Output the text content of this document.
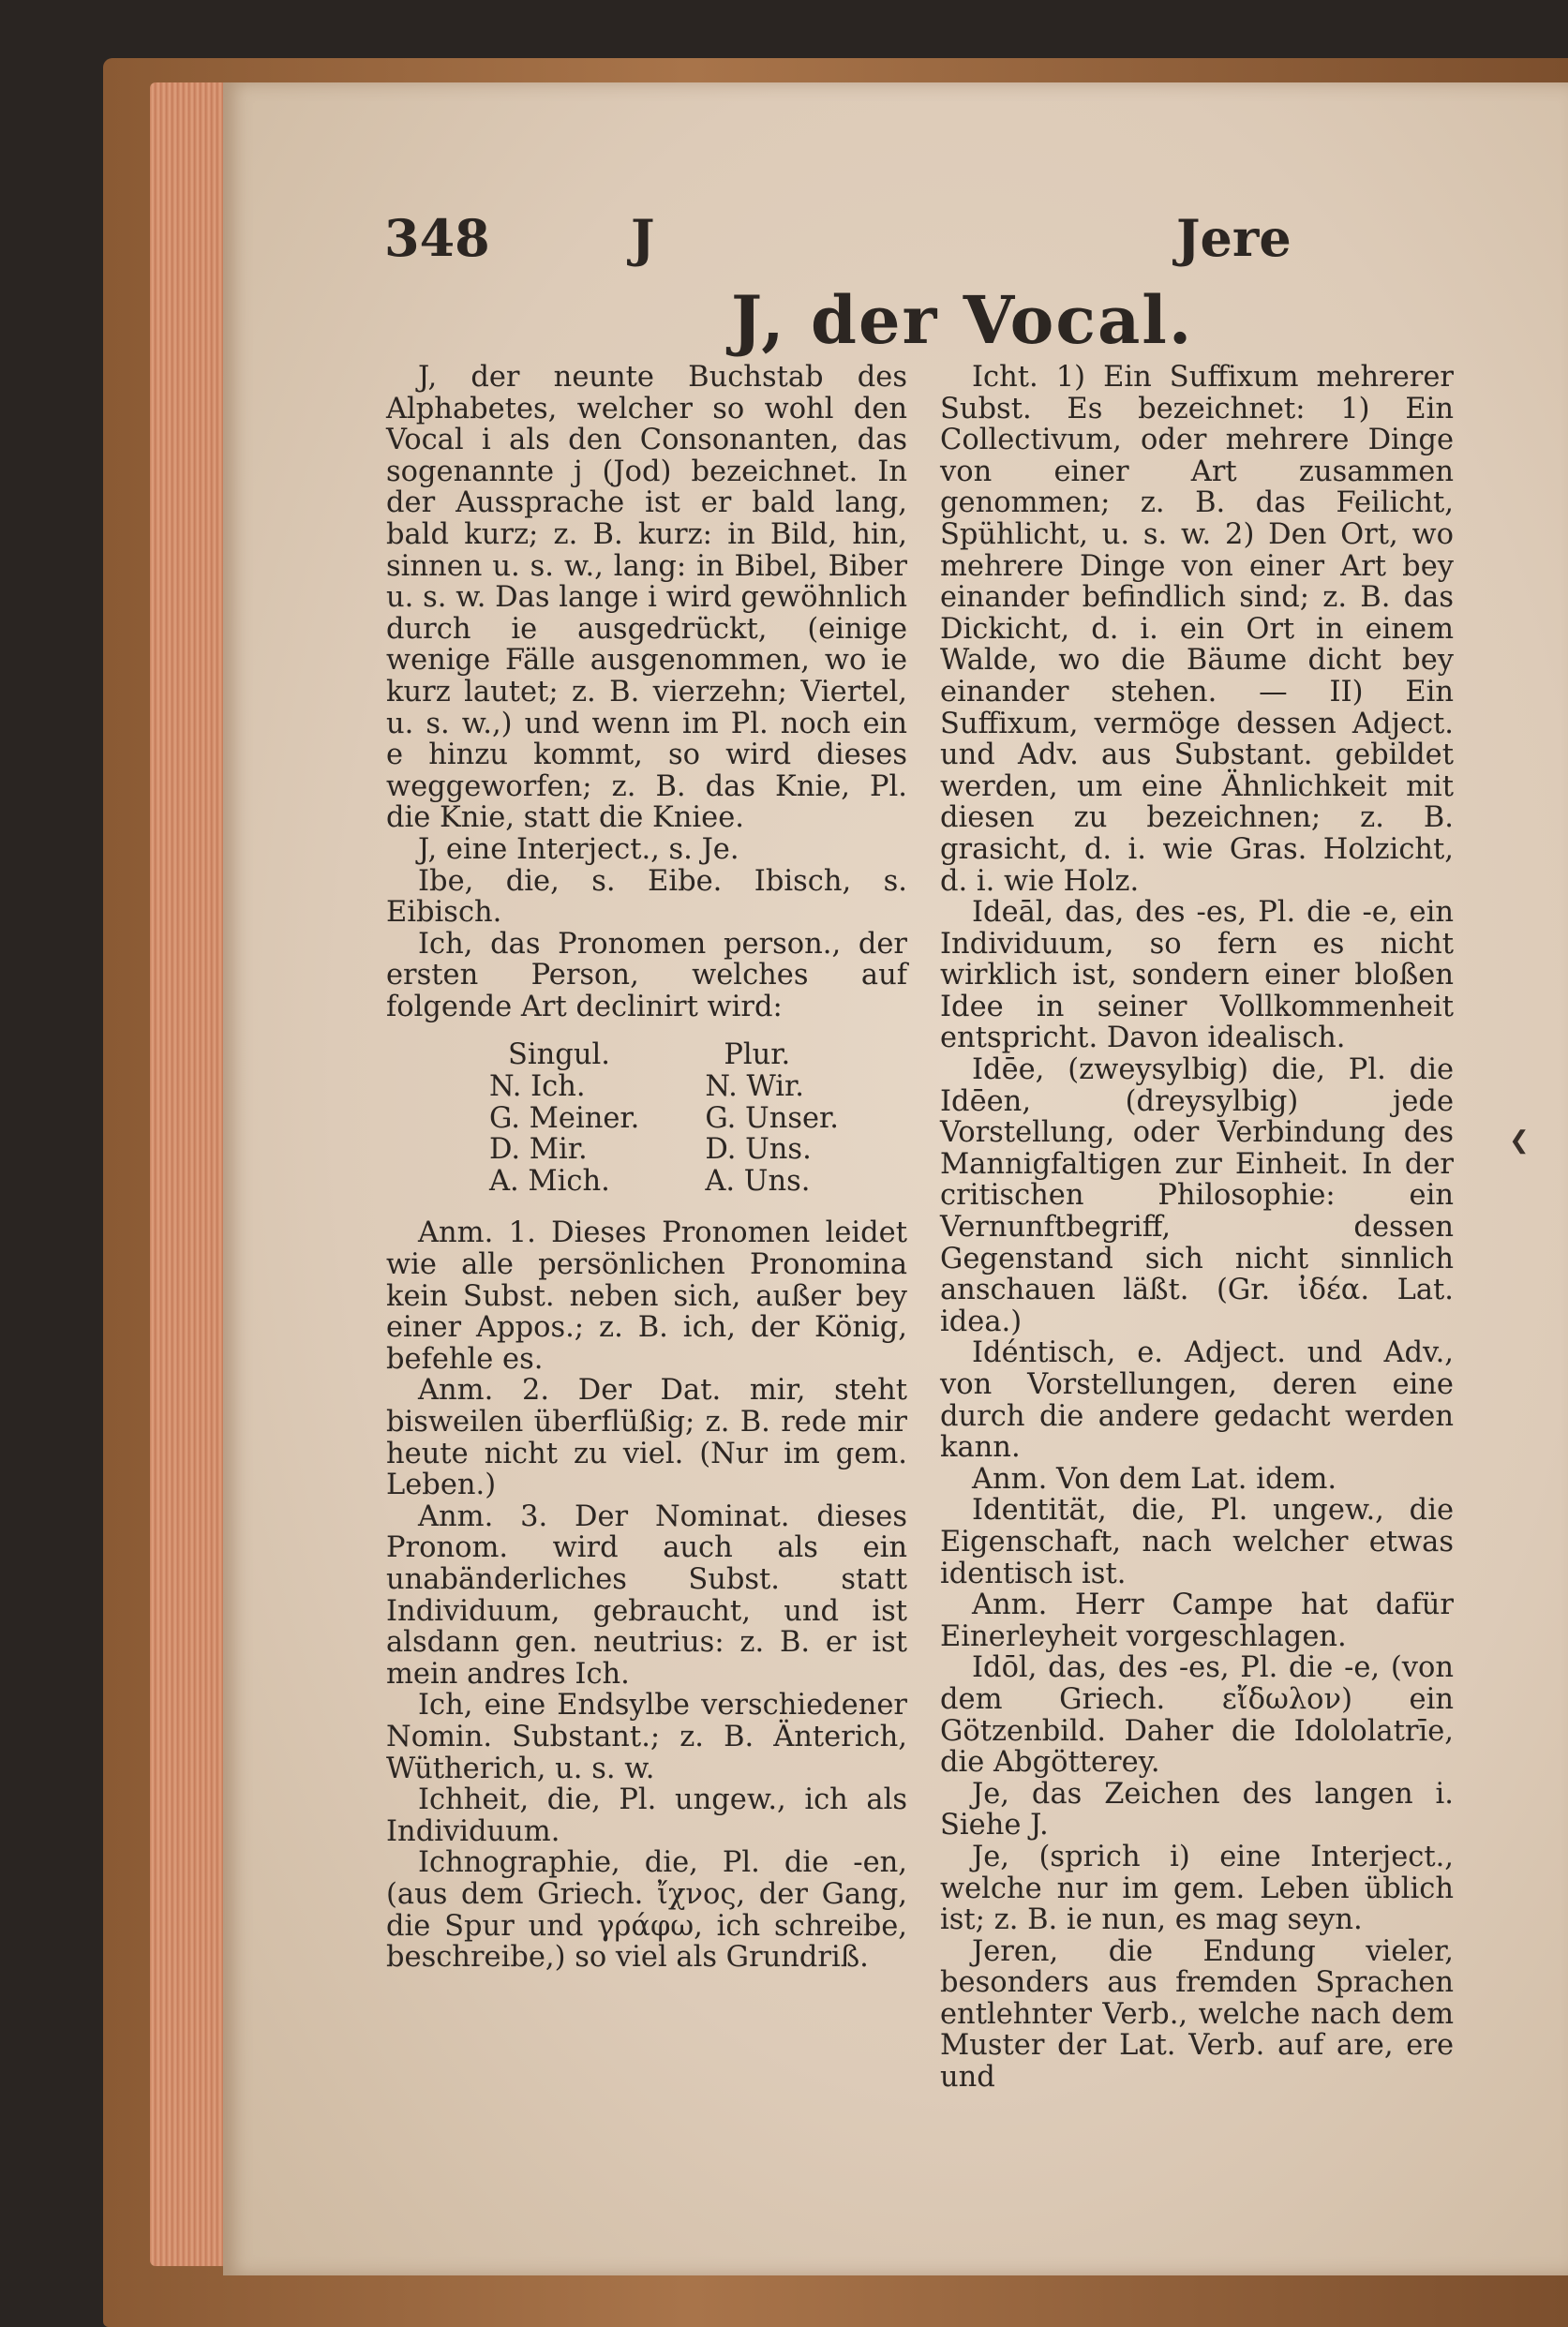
348	J	Jere
J, der Vocal.

J, der neunte Buchstab des Alphabetes, welcher so wohl den Vocal i als den Consonanten, das sogenannte j (Jod) bezeichnet. In der Aussprache ist er bald lang, bald kurz; z. B. kurz: in Bild, hin, sinnen u. s. w., lang: in Bibel, Biber u. s. w. Das lange i wird gewöhnlich durch ie ausgedrückt, (einige wenige Fälle ausgenommen, wo ie kurz lautet; z. B. vierzehn; Viertel, u. s. w.,) und wenn im Pl. noch ein e hinzu kommt, so wird dieses weggeworfen; z. B. das Knie, Pl. die Knie, statt die Kniee.

J, eine Interject., s. Je.

Ibe, die, s. Eibe. Ibisch, s. Eibisch.

Ich, das Pronomen person., der ersten Person, welches auf folgende Art declinirt wird:

Singul.	Plur.
N. Ich.	N. Wir.
G. Meiner.	G. Unser.
D. Mir.	D. Uns.
A. Mich.	A. Uns.

Anm. 1. Dieses Pronomen leidet wie alle persönlichen Pronomina kein Subst. neben sich, außer bey einer Appos.; z. B. ich, der König, befehle es.

Anm. 2. Der Dat. mir, steht bisweilen überflüßig; z. B. rede mir heute nicht zu viel. (Nur im gem. Leben.)

Anm. 3. Der Nominat. dieses Pronom. wird auch als ein unabänderliches Subst. statt Individuum, gebraucht, und ist alsdann gen. neutrius: z. B. er ist mein andres Ich.

Ich, eine Endsylbe verschiedener Nomin. Substant.; z. B. Änterich, Wütherich, u. s. w.

Ichheit, die, Pl. ungew., ich als Individuum.

Ichnographie, die, Pl. die -en, (aus dem Griech. ἴχνος, der Gang, die Spur und γράφω, ich schreibe, beschreibe,) so viel als Grundriß.

Icht. 1) Ein Suffixum mehrerer Subst. Es bezeichnet: 1) Ein Collectivum, oder mehrere Dinge von einer Art zusammen genommen; z. B. das Feilicht, Spühlicht, u. s. w. 2) Den Ort, wo mehrere Dinge von einer Art bey einander befindlich sind; z. B. das Dickicht, d. i. ein Ort in einem Walde, wo die Bäume dicht bey einander stehen. — II) Ein Suffixum, vermöge dessen Adject. und Adv. aus Substant. gebildet werden, um eine Ähnlichkeit mit diesen zu bezeichnen; z. B. grasicht, d. i. wie Gras. Holzicht, d. i. wie Holz.

Ideāl, das, des -es, Pl. die -e, ein Individuum, so fern es nicht wirklich ist, sondern einer bloßen Idee in seiner Vollkommenheit entspricht. Davon idealisch.

Idēe, (zweysylbig) die, Pl. die Idēen, (dreysylbig) jede Vorstellung, oder Verbindung des Mannigfaltigen zur Einheit. In der critischen Philosophie: ein Vernunftbegriff, dessen Gegenstand sich nicht sinnlich anschauen läßt. (Gr. ἰδέα. Lat. idea.)

Idéntisch, e. Adject. und Adv., von Vorstellungen, deren eine durch die andere gedacht werden kann.

Anm. Von dem Lat. idem.

Identität, die, Pl. ungew., die Eigenschaft, nach welcher etwas identisch ist.

Anm. Herr Campe hat dafür Einerleyheit vorgeschlagen.

Idōl, das, des -es, Pl. die -e, (von dem Griech. εἴδωλον) ein Götzenbild. Daher die Idololatrīe, die Abgötterey.

Je, das Zeichen des langen i. Siehe J.

Je, (sprich i) eine Interject., welche nur im gem. Leben üblich ist; z. B. ie nun, es mag seyn.

Jeren, die Endung vieler, besonders aus fremden Sprachen entlehnter Verb., welche nach dem Muster der Lat. Verb. auf are, ere und

❮
